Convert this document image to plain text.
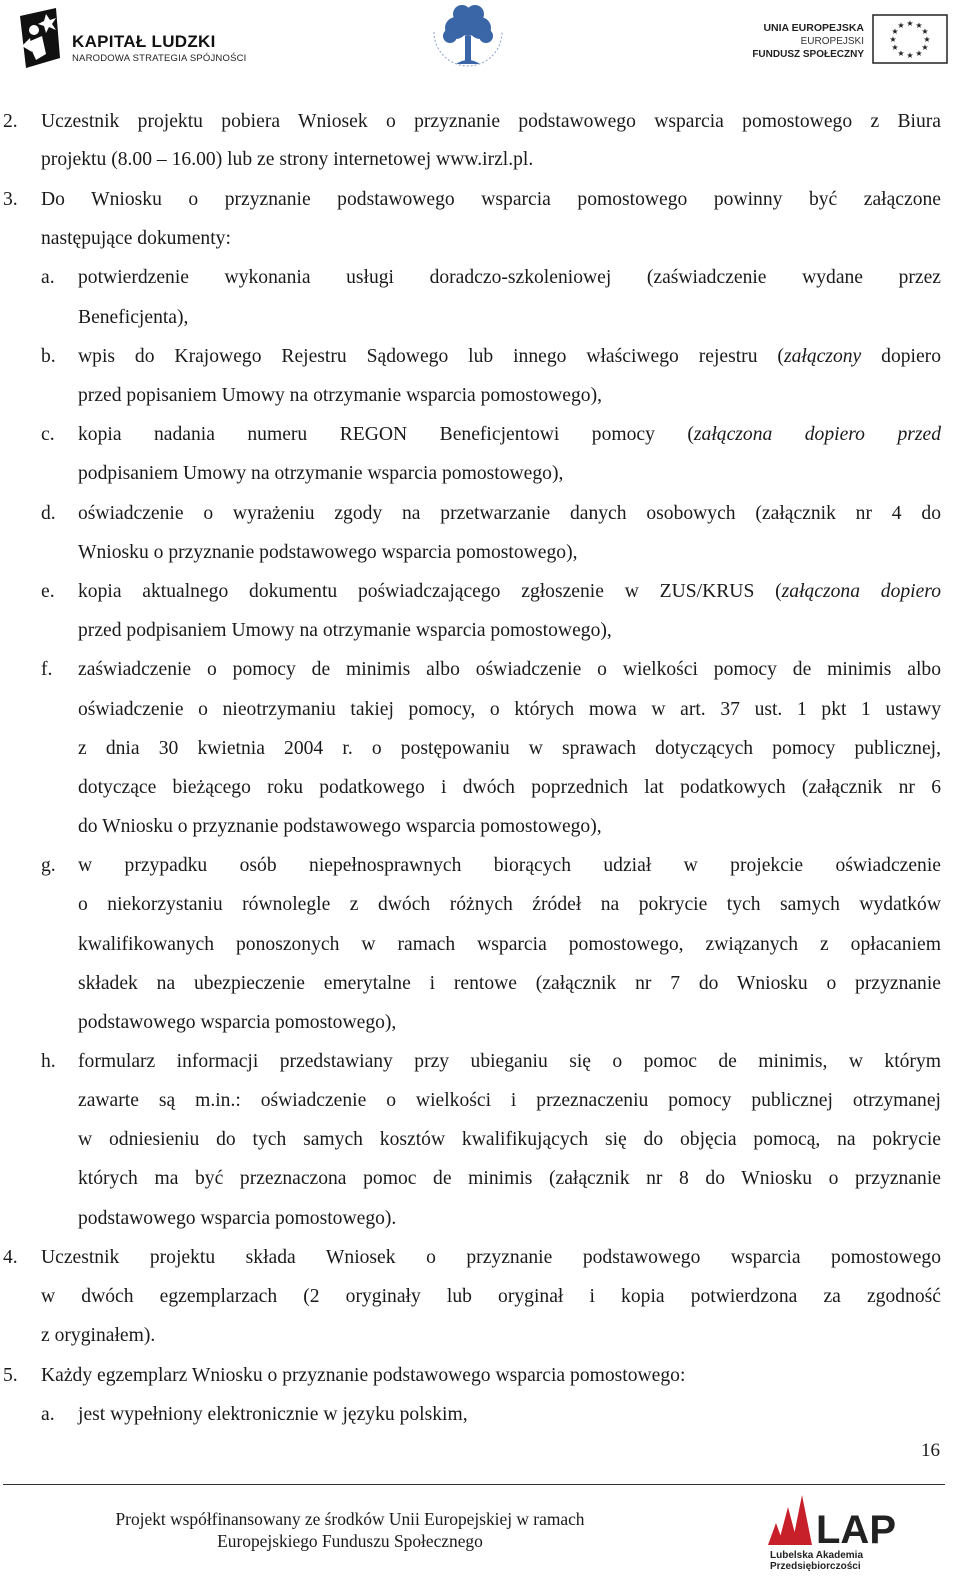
KAPITAŁ LUDZKI
NARODOWA STRATEGIA SPÓJNOŚCI
UNIA EUROPEJSKA
EUROPEJSKI
FUNDUSZ SPOŁECZNY
★ ★
★
★
★
★
★
★
★
★
★
★
2. Uczestnik projektu pobiera Wniosek o przyznanie podstawowego wsparcia pomostowego z Biura
projektu (8.00 – 16.00) lub ze strony internetowej www.irzl.pl.
3. Do Wniosku o przyznanie podstawowego wsparcia pomostowego powinny być załączone
następujące dokumenty:
a. potwierdzenie wykonania usługi doradczo-szkoleniowej (zaświadczenie wydane przez
Beneficjenta),
b. wpis do Krajowego Rejestru Sądowego lub innego właściwego rejestru (załączony dopiero
przed popisaniem Umowy na otrzymanie wsparcia pomostowego),
c. kopia nadania numeru REGON Beneficjentowi pomocy (załączona dopiero przed
podpisaniem Umowy na otrzymanie wsparcia pomostowego),
d. oświadczenie o wyrażeniu zgody na przetwarzanie danych osobowych (załącznik nr 4 do
Wniosku o przyznanie podstawowego wsparcia pomostowego),
e. kopia aktualnego dokumentu poświadczającego zgłoszenie w ZUS/KRUS (załączona dopiero
przed podpisaniem Umowy na otrzymanie wsparcia pomostowego),
f. zaświadczenie o pomocy de minimis albo oświadczenie o wielkości pomocy de minimis albo
oświadczenie o nieotrzymaniu takiej pomocy, o których mowa w art. 37 ust. 1 pkt 1 ustawy
z dnia 30 kwietnia 2004 r. o postępowaniu w sprawach dotyczących pomocy publicznej,
dotyczące bieżącego roku podatkowego i dwóch poprzednich lat podatkowych (załącznik nr 6
do Wniosku o przyznanie podstawowego wsparcia pomostowego),
g. w przypadku osób niepełnosprawnych biorących udział w projekcie oświadczenie
o niekorzystaniu równolegle z dwóch różnych źródeł na pokrycie tych samych wydatków
kwalifikowanych ponoszonych w ramach wsparcia pomostowego, związanych z opłacaniem
składek na ubezpieczenie emerytalne i rentowe (załącznik nr 7 do Wniosku o przyznanie
podstawowego wsparcia pomostowego),
h. formularz informacji przedstawiany przy ubieganiu się o pomoc de minimis, w którym
zawarte są m.in.: oświadczenie o wielkości i przeznaczeniu pomocy publicznej otrzymanej
w odniesieniu do tych samych kosztów kwalifikujących się do objęcia pomocą, na pokrycie
których ma być przeznaczona pomoc de minimis (załącznik nr 8 do Wniosku o przyznanie
podstawowego wsparcia pomostowego).
4. Uczestnik projektu składa Wniosek o przyznanie podstawowego wsparcia pomostowego
w dwóch egzemplarzach (2 oryginały lub oryginał i kopia potwierdzona za zgodność
z oryginałem).
5. Każdy egzemplarz Wniosku o przyznanie podstawowego wsparcia pomostowego:
a. jest wypełniony elektronicznie w języku polskim,
16
Projekt współfinansowany ze środków Unii Europejskiej w ramach
Europejskiego Funduszu Społecznego	LAP
Lubelska Akademia
Przedsiębiorczości
